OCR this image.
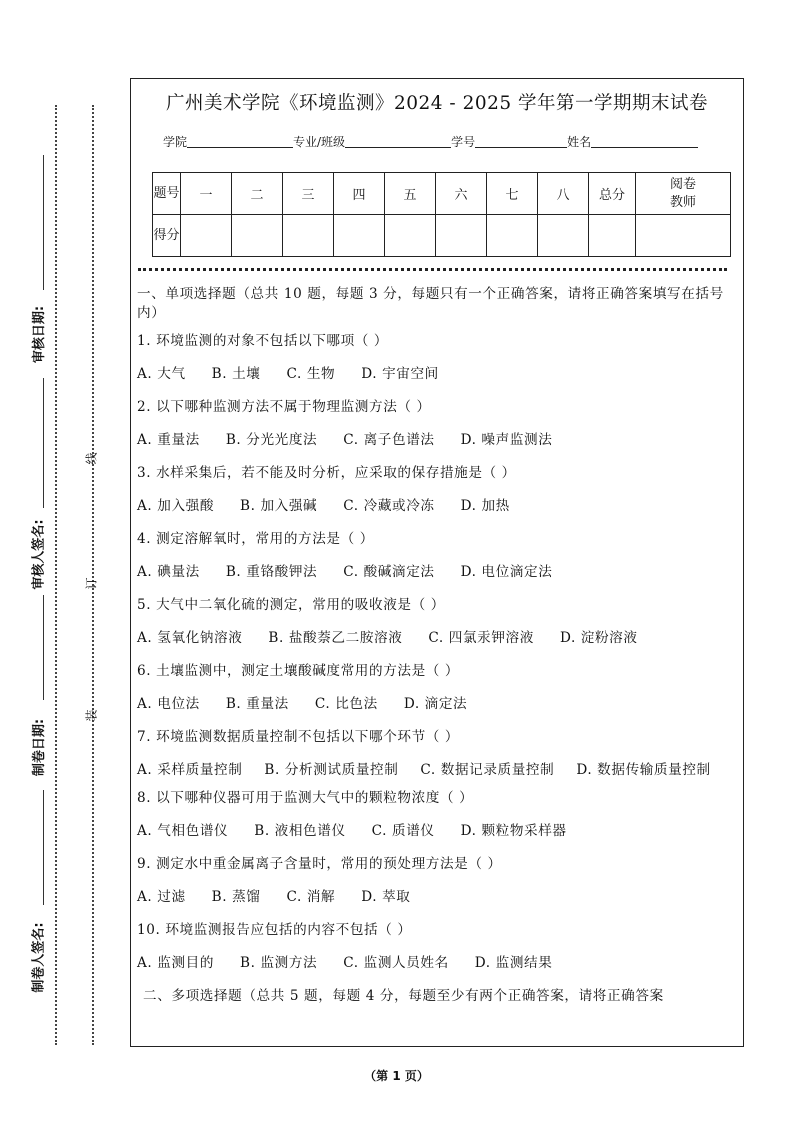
审核日期:
审核人签名:
制卷日期:
制卷人签名:
线
订
装
广州美术学院《环境监测》2024 - 2025 学年第一学期期末试卷
学院	专业/班级	学号	姓名
题号	一	二	三	四	五	六	七	八	总分	阅卷教师
得分										
一、单项选择题（总共 10 题，每题 3 分，每题只有一个正确答案，请将正确答案填写在括号内）
1. 环境监测的对象不包括以下哪项（ ）
A. 大气 B. 土壤 C. 生物 D. 宇宙空间
2. 以下哪种监测方法不属于物理监测方法（ ）
A. 重量法 B. 分光光度法 C. 离子色谱法 D. 噪声监测法
3. 水样采集后，若不能及时分析，应采取的保存措施是（ ）
A. 加入强酸 B. 加入强碱 C. 冷藏或冷冻 D. 加热
4. 测定溶解氧时，常用的方法是（ ）
A. 碘量法 B. 重铬酸钾法 C. 酸碱滴定法 D. 电位滴定法
5. 大气中二氧化硫的测定，常用的吸收液是（ ）
A. 氢氧化钠溶液 B. 盐酸萘乙二胺溶液 C. 四氯汞钾溶液 D. 淀粉溶液
6. 土壤监测中，测定土壤酸碱度常用的方法是（ ）
A. 电位法 B. 重量法 C. 比色法 D. 滴定法
7. 环境监测数据质量控制不包括以下哪个环节（ ）
A. 采样质量控制 B. 分析测试质量控制 C. 数据记录质量控制 D. 数据传输质量控制
8. 以下哪种仪器可用于监测大气中的颗粒物浓度（ ）
A. 气相色谱仪 B. 液相色谱仪 C. 质谱仪 D. 颗粒物采样器
9. 测定水中重金属离子含量时，常用的预处理方法是（ ）
A. 过滤 B. 蒸馏 C. 消解 D. 萃取
10. 环境监测报告应包括的内容不包括（ ）
A. 监测目的 B. 监测方法 C. 监测人员姓名 D. 监测结果
二、多项选择题（总共 5 题，每题 4 分，每题至少有两个正确答案，请将正确答案
（第 1 页）
